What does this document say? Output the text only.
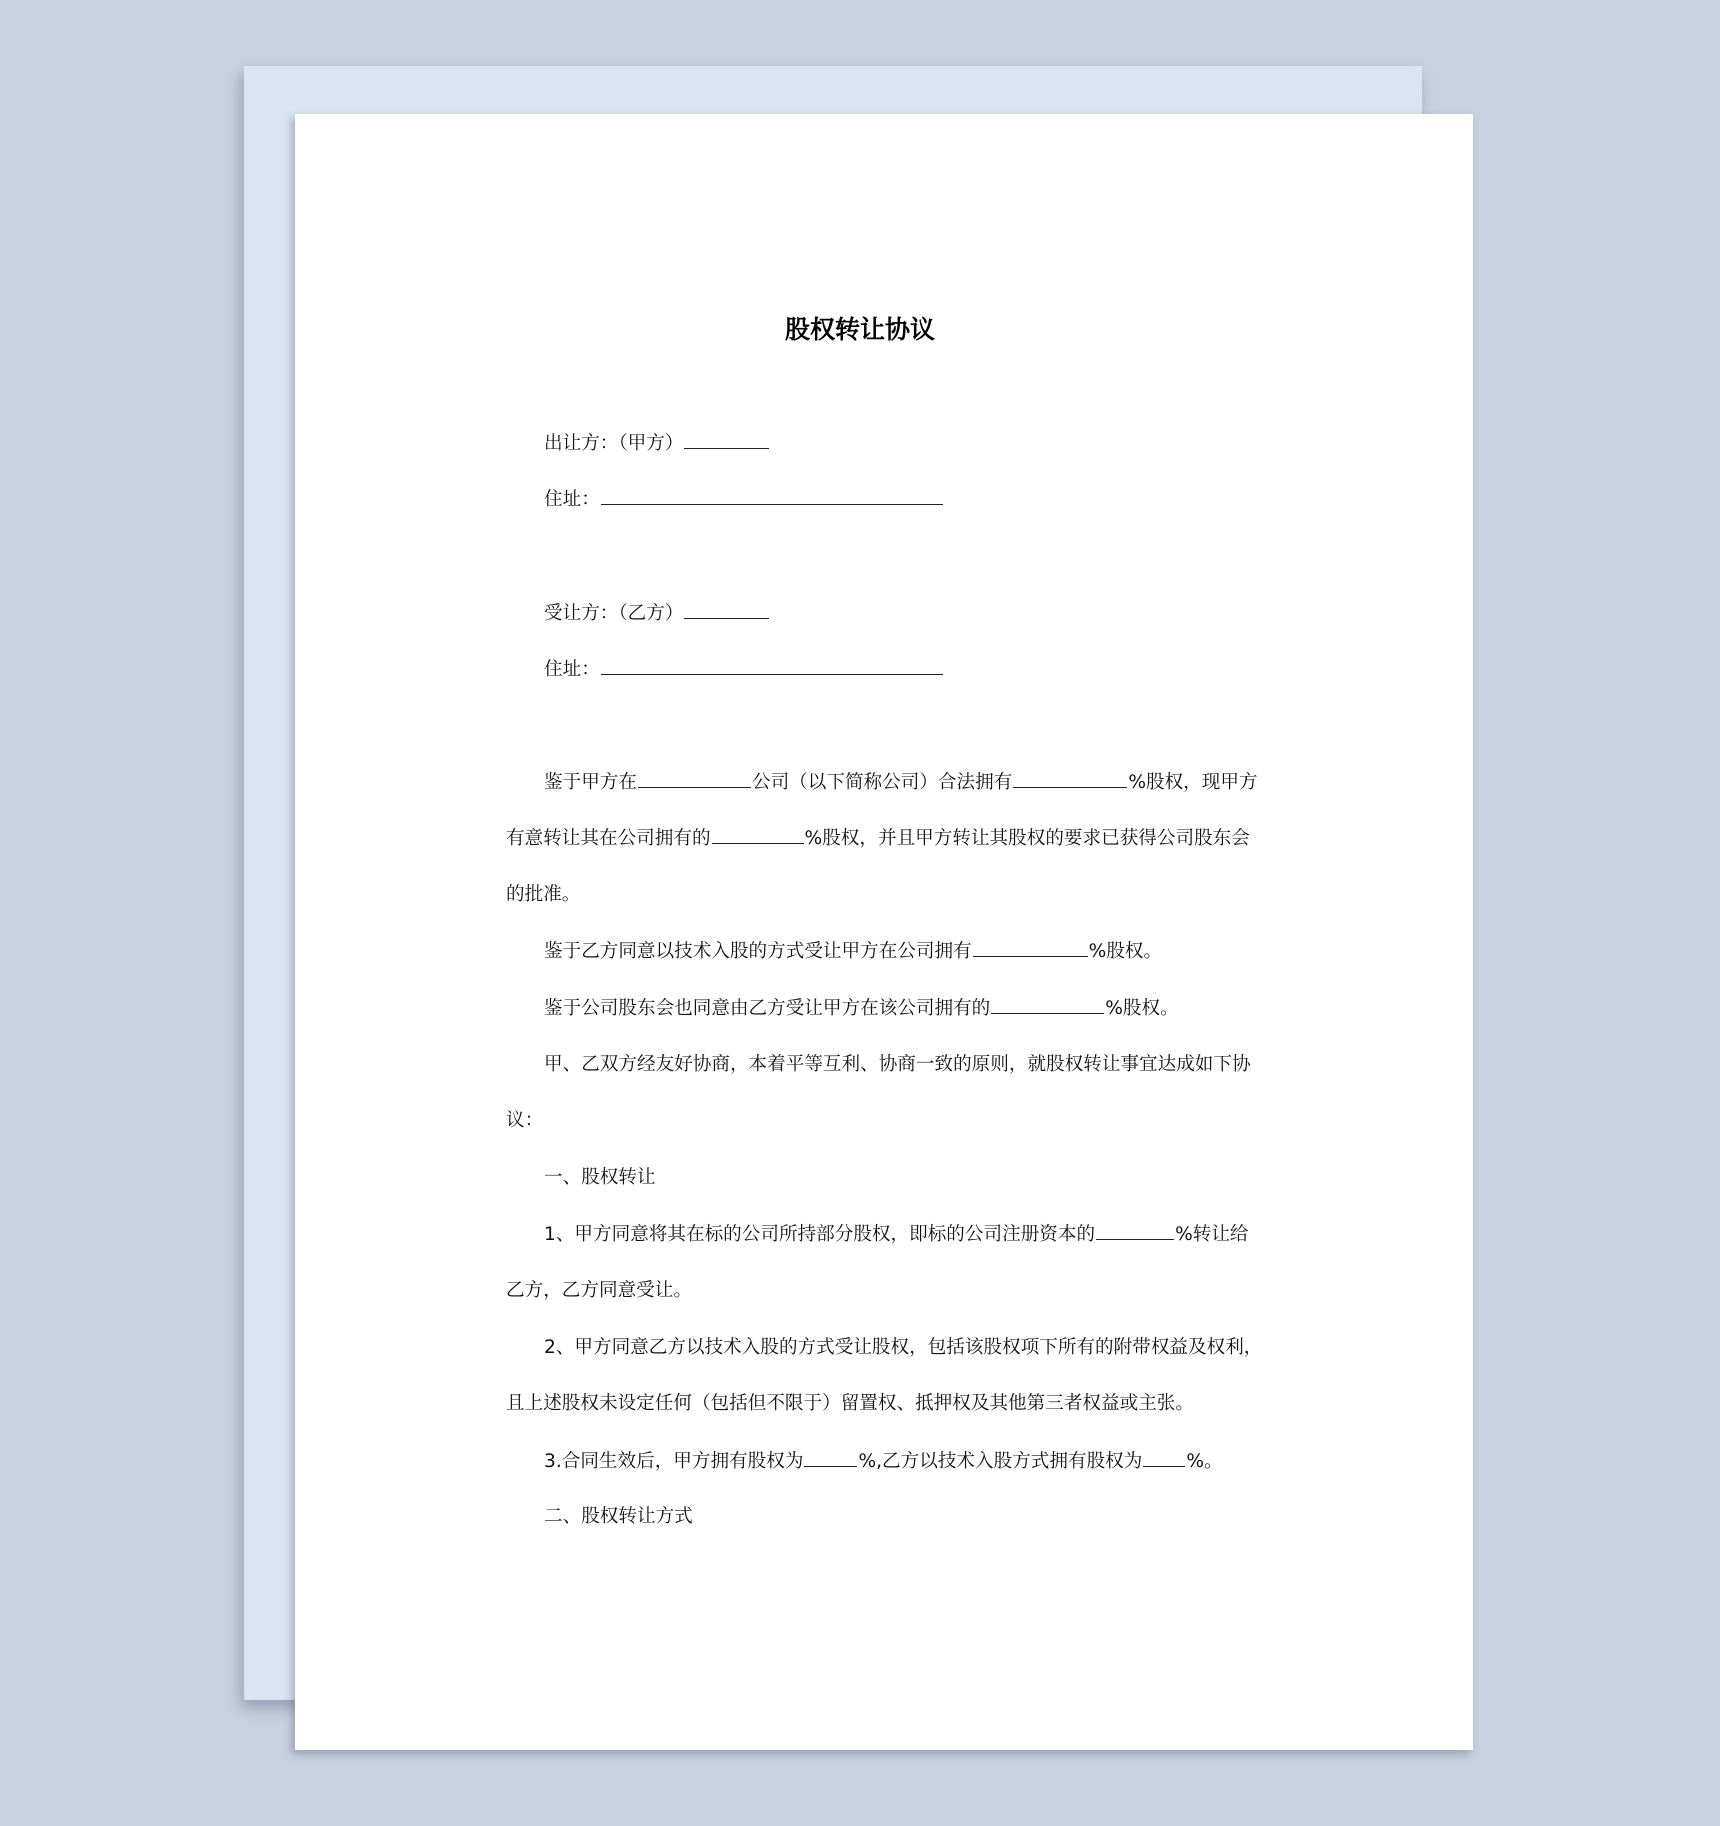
股权转让协议
出让方：（甲方）
住址：
受让方：（乙方）
住址：
鉴于甲方在	公司（以下简称公司）合法拥有	%股权，现甲方
有意转让其在公司拥有的	%股权，并且甲方转让其股权的要求已获得公司股东会
的批准。
鉴于乙方同意以技术入股的方式受让甲方在公司拥有	%股权。
鉴于公司股东会也同意由乙方受让甲方在该公司拥有的	%股权。
甲、乙双方经友好协商，本着平等互利、协商一致的原则，就股权转让事宜达成如下协
议：
一、股权转让
1、甲方同意将其在标的公司所持部分股权，即标的公司注册资本的	%转让给
乙方，乙方同意受让。
2、甲方同意乙方以技术入股的方式受让股权，包括该股权项下所有的附带权益及权利，
且上述股权未设定任何（包括但不限于）留置权、抵押权及其他第三者权益或主张。
3.合同生效后，甲方拥有股权为	%,乙方以技术入股方式拥有股权为 %。
二、股权转让方式
